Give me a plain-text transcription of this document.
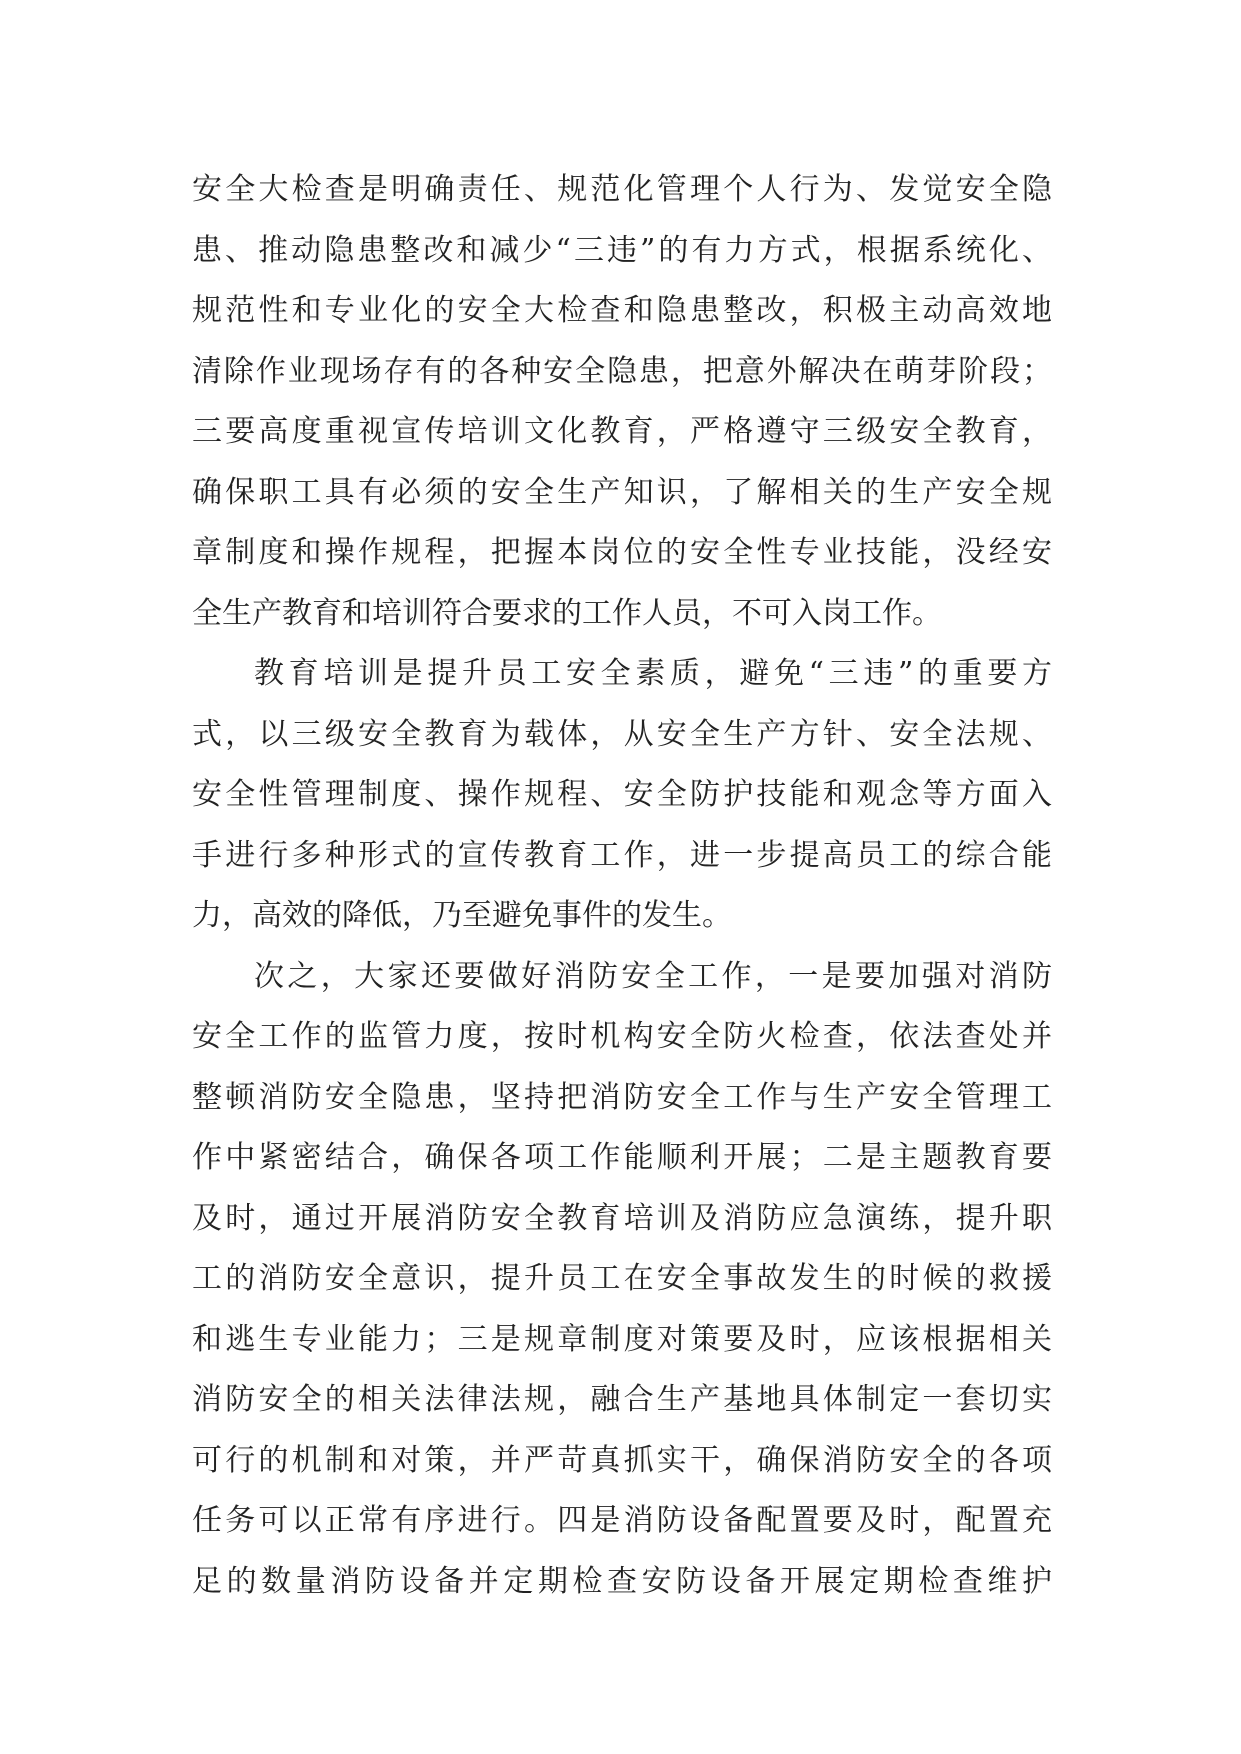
安全大检查是明确责任、规范化管理个人行为、发觉安全隐
患、推动隐患整改和减少“三违”的有力方式，根据系统化、
规范性和专业化的安全大检查和隐患整改，积极主动高效地
清除作业现场存有的各种安全隐患，把意外解决在萌芽阶段；
三要高度重视宣传培训文化教育，严格遵守三级安全教育，
确保职工具有必须的安全生产知识，了解相关的生产安全规
章制度和操作规程，把握本岗位的安全性专业技能，没经安
全生产教育和培训符合要求的工作人员，不可入岗工作。
教育培训是提升员工安全素质，避免“三违”的重要方
式，以三级安全教育为载体，从安全生产方针、安全法规、
安全性管理制度、操作规程、安全防护技能和观念等方面入
手进行多种形式的宣传教育工作，进一步提高员工的综合能
力，高效的降低，乃至避免事件的发生。
次之，大家还要做好消防安全工作，一是要加强对消防
安全工作的监管力度，按时机构安全防火检查，依法查处并
整顿消防安全隐患，坚持把消防安全工作与生产安全管理工
作中紧密结合，确保各项工作能顺利开展；二是主题教育要
及时，通过开展消防安全教育培训及消防应急演练，提升职
工的消防安全意识，提升员工在安全事故发生的时候的救援
和逃生专业能力；三是规章制度对策要及时，应该根据相关
消防安全的相关法律法规，融合生产基地具体制定一套切实
可行的机制和对策，并严苛真抓实干，确保消防安全的各项
任务可以正常有序进行。四是消防设备配置要及时，配置充
足的数量消防设备并定期检查安防设备开展定期检查维护
